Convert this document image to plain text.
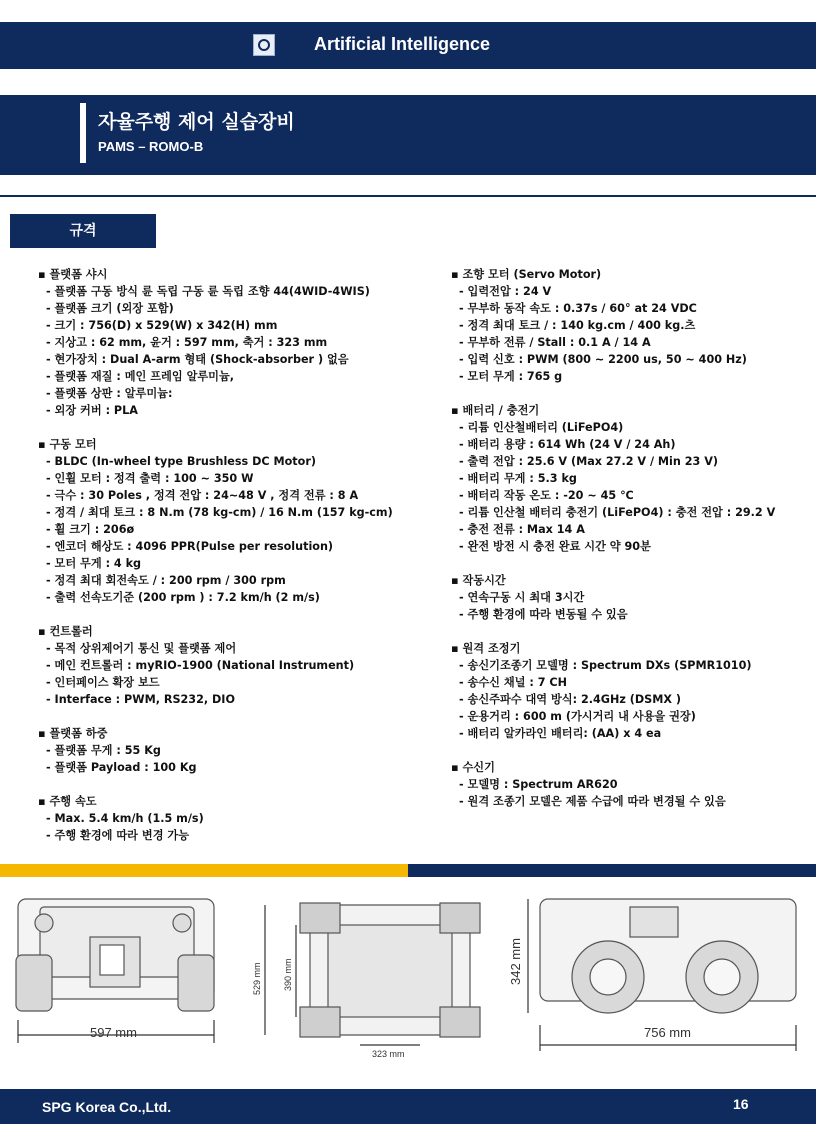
Artificial Intelligence
자율주행 제어 실습장비
PAMS – ROMO-B
규격
▪ 플랫폼 샤시
- 플랫폼 구동 방식 륜 독립 구동 륜 독립 조향 44(4WID-4WIS)
- 플랫폼 크기 (외장 포함)
- 크기 : 756(D) x 529(W) x 342(H) mm
- 지상고 : 62 mm, 윤거 : 597 mm, 축거 : 323 mm
- 현가장치 : Dual A-arm 형태 (Shock-absorber ) 없음
- 플랫폼 재질 : 메인 프레임 알루미늄,
- 플랫폼 상판 : 알루미늄:
- 외장 커버 : PLA
▪ 구동 모터
- BLDC (In-wheel type Brushless DC Motor)
- 인휠 모터 : 정격 출력 : 100 ~ 350 W
- 극수 : 30 Poles , 정격 전압 : 24~48 V , 정격 전류 : 8 A
- 정격 / 최대 토크 : 8 N.m (78 kg-cm) / 16 N.m (157 kg-cm)
- 휠 크기 : 206ø
- 엔코더 해상도 : 4096 PPR(Pulse per resolution)
- 모터 무게 : 4 kg
- 정격 최대 회전속도 / : 200 rpm / 300 rpm
- 출력 선속도기준 (200 rpm ) : 7.2 km/h (2 m/s)
▪ 컨트롤러
- 목적 상위제어기 통신 및 플랫폼 제어
- 메인 컨트롤러 : myRIO-1900 (National Instrument)
- 인터페이스 확장 보드
- Interface : PWM, RS232, DIO
▪ 플랫폼 하중
- 플랫폼 무게 : 55 Kg
- 플랫폼 Payload : 100 Kg
▪ 주행 속도
- Max. 5.4 km/h (1.5 m/s)
- 주행 환경에 따라 변경 가능
▪ 조향 모터 (Servo Motor)
- 입력전압 : 24 V
- 무부하 동작 속도 : 0.37s / 60° at 24 VDC
- 정격 최대 토크 / : 140 kg.cm / 400 kg.츠
- 무부하 전류 / Stall : 0.1 A / 14 A
- 입력 신호 : PWM (800 ~ 2200 us, 50 ~ 400 Hz)
- 모터 무게 : 765 g
▪ 배터리 / 충전기
- 리튬 인산철배터리 (LiFePO4)
- 배터리 용량 : 614 Wh (24 V / 24 Ah)
- 출력 전압 : 25.6 V (Max 27.2 V / Min 23 V)
- 배터리 무게 : 5.3 kg
- 배터리 작동 온도 : -20 ~ 45 ℃
- 리튬 인산철 배터리 충전기 (LiFePO4) : 충전 전압 : 29.2 V
- 충전 전류 : Max 14 A
- 완전 방전 시 충전 완료 시간 약 90분
▪ 작동시간
- 연속구동 시 최대 3시간
- 주행 환경에 따라 변동될 수 있음
▪ 원격 조정기
- 송신기조종기 모델명 : Spectrum DXs (SPMR1010)
- 송수신 채널 : 7 CH
- 송신주파수 대역 방식: 2.4GHz (DSMX )
- 운용거리 : 600 m (가시거리 내 사용을 권장)
- 배터리 알카라인 배터리: (AA) x 4 ea
▪ 수신기
- 모델명 : Spectrum AR620
- 원격 조종기 모델은 제품 수급에 따라 변경될 수 있음
597 mm
529 mm 390 mm
323 mm
342 mm
756 mm
SPG Korea Co.,Ltd.	16
